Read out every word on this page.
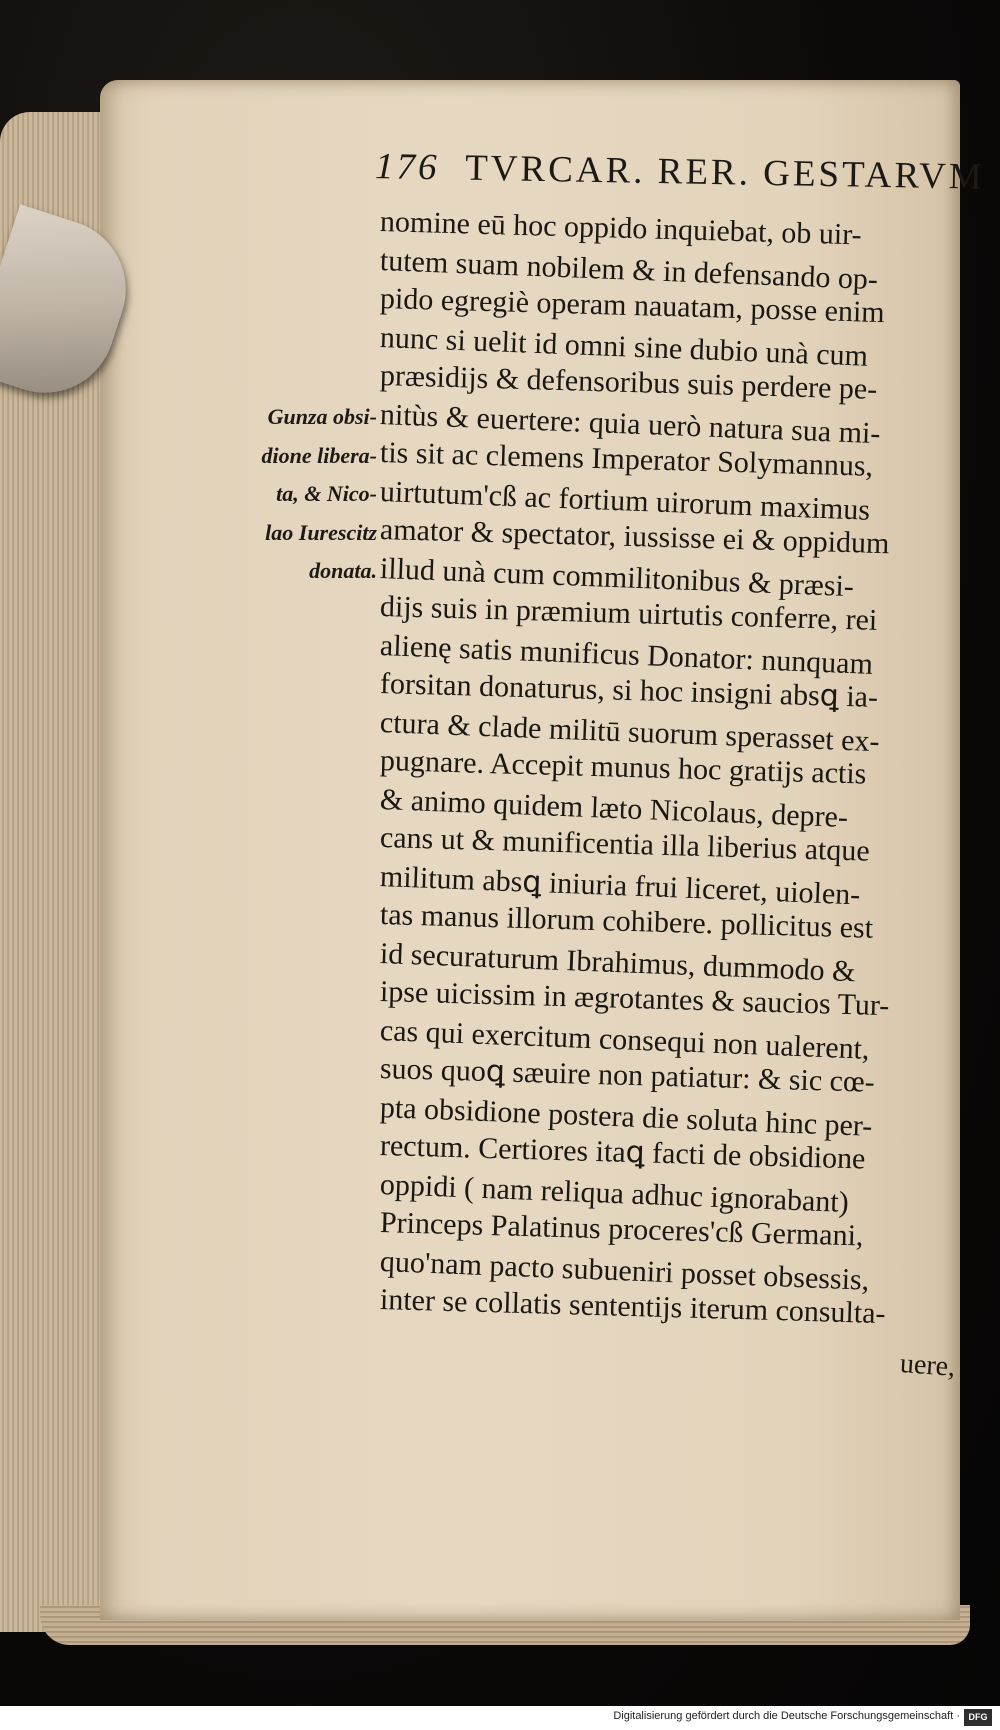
176 TVRCAR. RER. GESTARVM
Gunza obsi-
dione libera-
ta, & Nico-
lao Iurescitz
donata.
nomine eū hoc oppido inquiebat, ob uir-
tutem suam nobilem & in defensando op-
pido egregiè operam nauatam, posse enim
nunc si uelit id omni sine dubio unà cum
præsidijs & defensoribus suis perdere pe-
nitùs & euertere: quia uerò natura sua mi-
tis sit ac clemens Imperator Solymannus,
uirtutum'cß ac fortium uirorum maximus
amator & spectator, iussisse ei & oppidum
illud unà cum commilitonibus & præsi-
dijs suis in præmium uirtutis conferre, rei
alienę satis munificus Donator: nunquam
forsitan donaturus, si hoc insigni absꝗ ia-
ctura & clade militū suorum sperasset ex-
pugnare. Accepit munus hoc gratijs actis
& animo quidem læto Nicolaus, depre-
cans ut & munificentia illa liberius atque
militum absꝗ iniuria frui liceret, uiolen-
tas manus illorum cohibere. pollicitus est
id securaturum Ibrahimus, dummodo &
ipse uicissim in ægrotantes & saucios Tur-
cas qui exercitum consequi non ualerent,
suos quoꝗ sæuire non patiatur: & sic cœ-
pta obsidione postera die soluta hinc per-
rectum. Certiores itaꝗ facti de obsidione
oppidi ( nam reliqua adhuc ignorabant)
Princeps Palatinus proceres'cß Germani,
quo'nam pacto subueniri posset obsessis,
inter se collatis sententijs iterum consulta-
uere,
Digitalisierung gefördert durch die Deutsche Forschungsgemeinschaft · DFG
